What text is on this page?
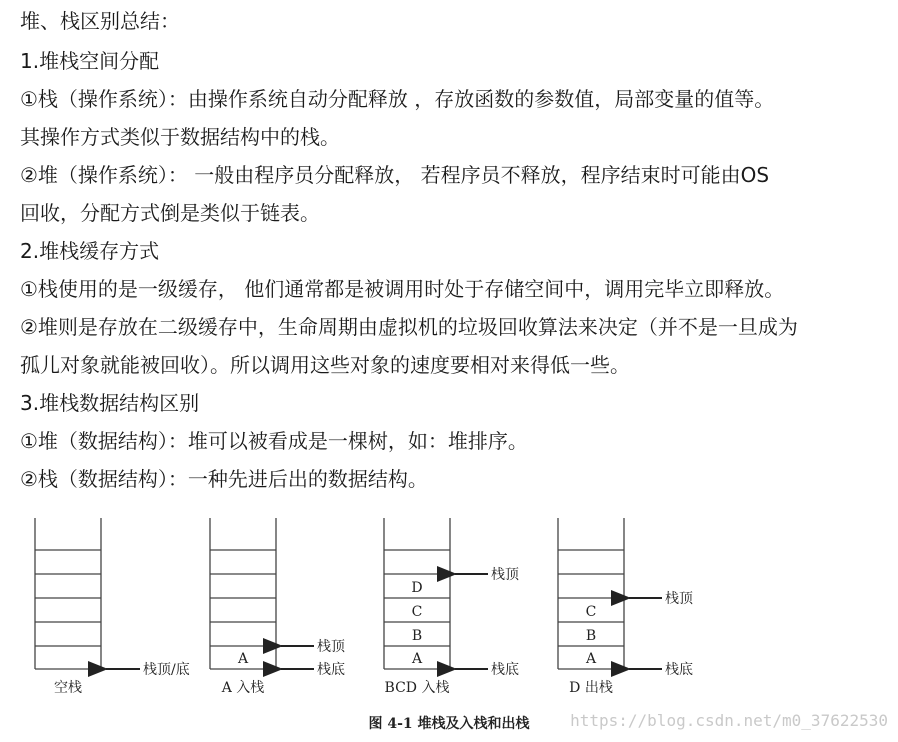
堆、栈区别总结：
1.堆栈空间分配
①栈（操作系统）：由操作系统自动分配释放 ，存放函数的参数值，局部变量的值等。
其操作方式类似于数据结构中的栈。
②堆（操作系统）： 一般由程序员分配释放， 若程序员不释放，程序结束时可能由OS
回收，分配方式倒是类似于链表。
2.堆栈缓存方式
①栈使用的是一级缓存， 他们通常都是被调用时处于存储空间中，调用完毕立即释放。
②堆则是存放在二级缓存中，生命周期由虚拟机的垃圾回收算法来决定（并不是一旦成为
孤儿对象就能被回收）。所以调用这些对象的速度要相对来得低一些。
3.堆栈数据结构区别
①堆（数据结构）：堆可以被看成是一棵树，如：堆排序。
②栈（数据结构）：一种先进后出的数据结构。
栈顶/底
空栈
A
栈顶
栈底
A 入栈
A
B
C
D
栈顶
栈底
BCD 入栈
A
B
C
栈顶
栈底
D 出栈
图 4-1 堆栈及入栈和出栈	https://blog.csdn.net/m0_37622530
